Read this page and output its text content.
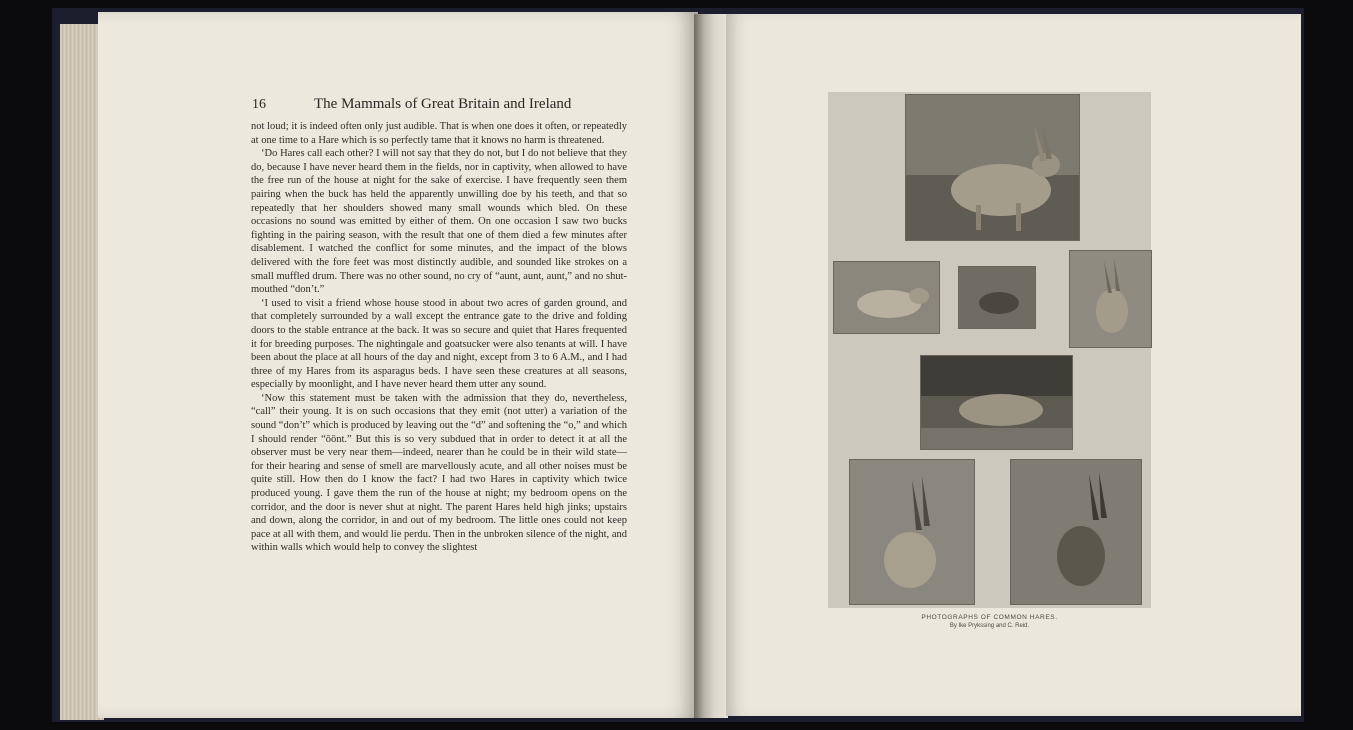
16	The Mammals of Great Britain and Ireland

not loud; it is indeed often only just audible. That is when one does it often, or repeatedly at one time to a Hare which is so perfectly tame that it knows no harm is threatened.

‘Do Hares call each other? I will not say that they do not, but I do not believe that they do, because I have never heard them in the fields, nor in captivity, when allowed to have the free run of the house at night for the sake of exercise. I have frequently seen them pairing when the buck has held the apparently unwilling doe by his teeth, and that so repeatedly that her shoulders showed many small wounds which bled. On these occasions no sound was emitted by either of them. On one occasion I saw two bucks fighting in the pairing season, with the result that one of them died a few minutes after disablement. I watched the conflict for some minutes, and the impact of the blows delivered with the fore feet was most distinctly audible, and sounded like strokes on a small muffled drum. There was no other sound, no cry of “aunt, aunt, aunt,” and no shut-mouthed “don’t.”

‘I used to visit a friend whose house stood in about two acres of garden ground, and that completely surrounded by a wall except the entrance gate to the drive and folding doors to the stable entrance at the back. It was so secure and quiet that Hares frequented it for breeding purposes. The nightingale and goatsucker were also tenants at will. I have been about the place at all hours of the day and night, except from 3 to 6 A.M., and I had three of my Hares from its asparagus beds. I have seen these creatures at all seasons, especially by moonlight, and I have never heard them utter any sound.

‘Now this statement must be taken with the admission that they do, nevertheless, “call” their young. It is on such occasions that they emit (not utter) a variation of the sound “don’t” which is produced by leaving out the “d” and softening the “o,” and which I should render “ōōnt.” But this is so very subdued that in order to detect it at all the observer must be very near them—indeed, nearer than he could be in their wild state—for their hearing and sense of smell are marvellously acute, and all other noises must be quite still. How then do I know the fact? I had two Hares in captivity which twice produced young. I gave them the run of the house at night; my bedroom opens on the corridor, and the door is never shut at night. The parent Hares held high jinks; upstairs and down, along the corridor, in and out of my bedroom. The little ones could not keep pace at all with them, and would lie perdu. Then in the unbroken silence of the night, and within walls which would help to convey the slightest

PHOTOGRAPHS OF COMMON HARES.
By Ike Prykssing and C. Reid.
